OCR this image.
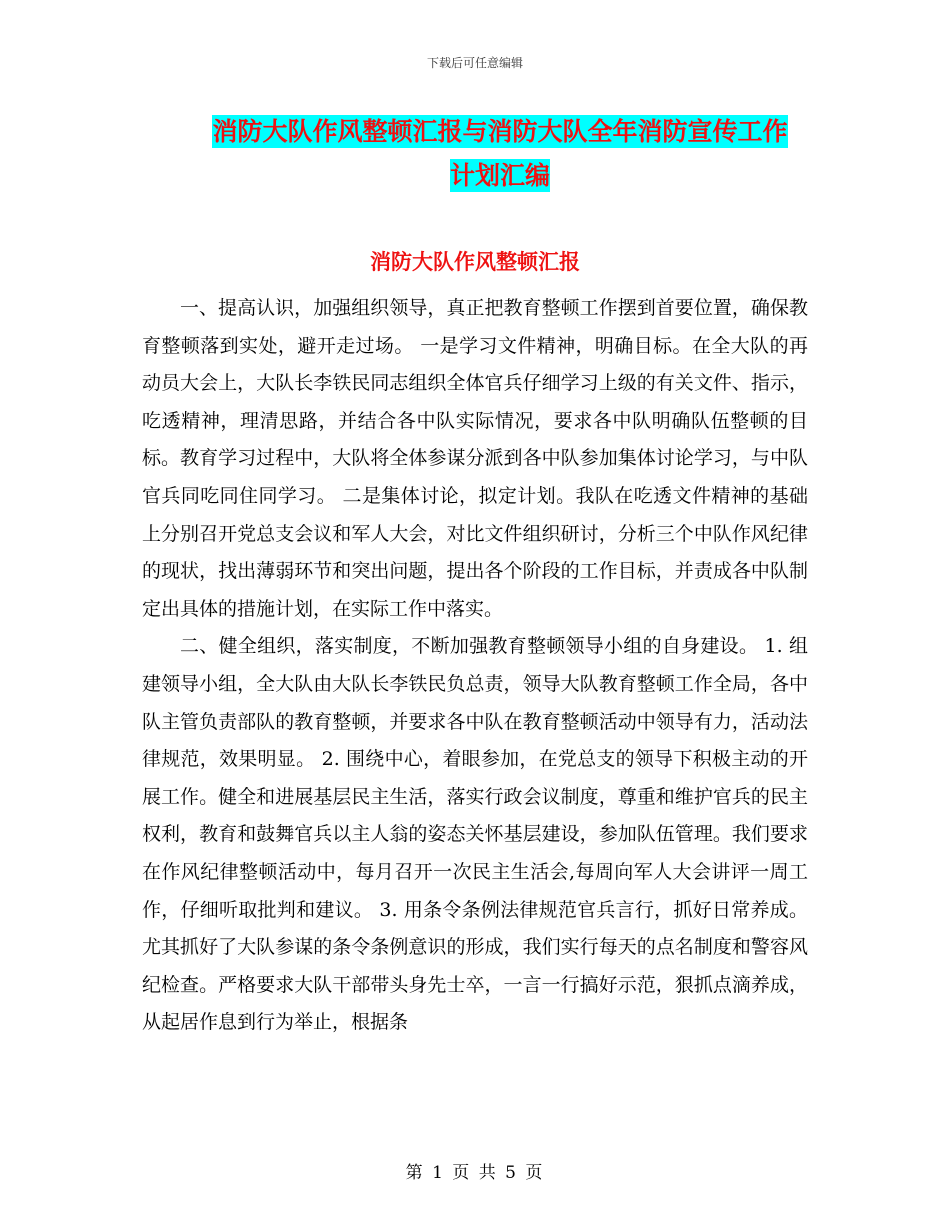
下载后可任意编辑
消防大队作风整顿汇报与消防大队全年消防宣传工作
计划汇编
消防大队作风整顿汇报

一、提高认识，加强组织领导，真正把教育整顿工作摆到首要位置，确保教育整顿落到实处，避开走过场。 一是学习文件精神，明确目标。在全大队的再动员大会上，大队长李铁民同志组织全体官兵仔细学习上级的有关文件、指示，吃透精神，理清思路，并结合各中队实际情况，要求各中队明确队伍整顿的目标。教育学习过程中，大队将全体参谋分派到各中队参加集体讨论学习，与中队官兵同吃同住同学习。 二是集体讨论，拟定计划。我队在吃透文件精神的基础上分别召开党总支会议和军人大会，对比文件组织研讨，分析三个中队作风纪律的现状，找出薄弱环节和突出问题，提出各个阶段的工作目标，并责成各中队制定出具体的措施计划，在实际工作中落实。

二、健全组织，落实制度，不断加强教育整顿领导小组的自身建设。 1. 组建领导小组，全大队由大队长李铁民负总责，领导大队教育整顿工作全局，各中队主管负责部队的教育整顿，并要求各中队在教育整顿活动中领导有力，活动法律规范，效果明显。 2. 围绕中心，着眼参加，在党总支的领导下积极主动的开展工作。健全和进展基层民主生活，落实行政会议制度，尊重和维护官兵的民主权利，教育和鼓舞官兵以主人翁的姿态关怀基层建设，参加队伍管理。我们要求在作风纪律整顿活动中，每月召开一次民主生活会,每周向军人大会讲评一周工作，仔细听取批判和建议。 3. 用条令条例法律规范官兵言行，抓好日常养成。尤其抓好了大队参谋的条令条例意识的形成，我们实行每天的点名制度和警容风纪检查。严格要求大队干部带头身先士卒，一言一行搞好示范，狠抓点滴养成，从起居作息到行为举止，根据条

第 1 页 共 5 页
